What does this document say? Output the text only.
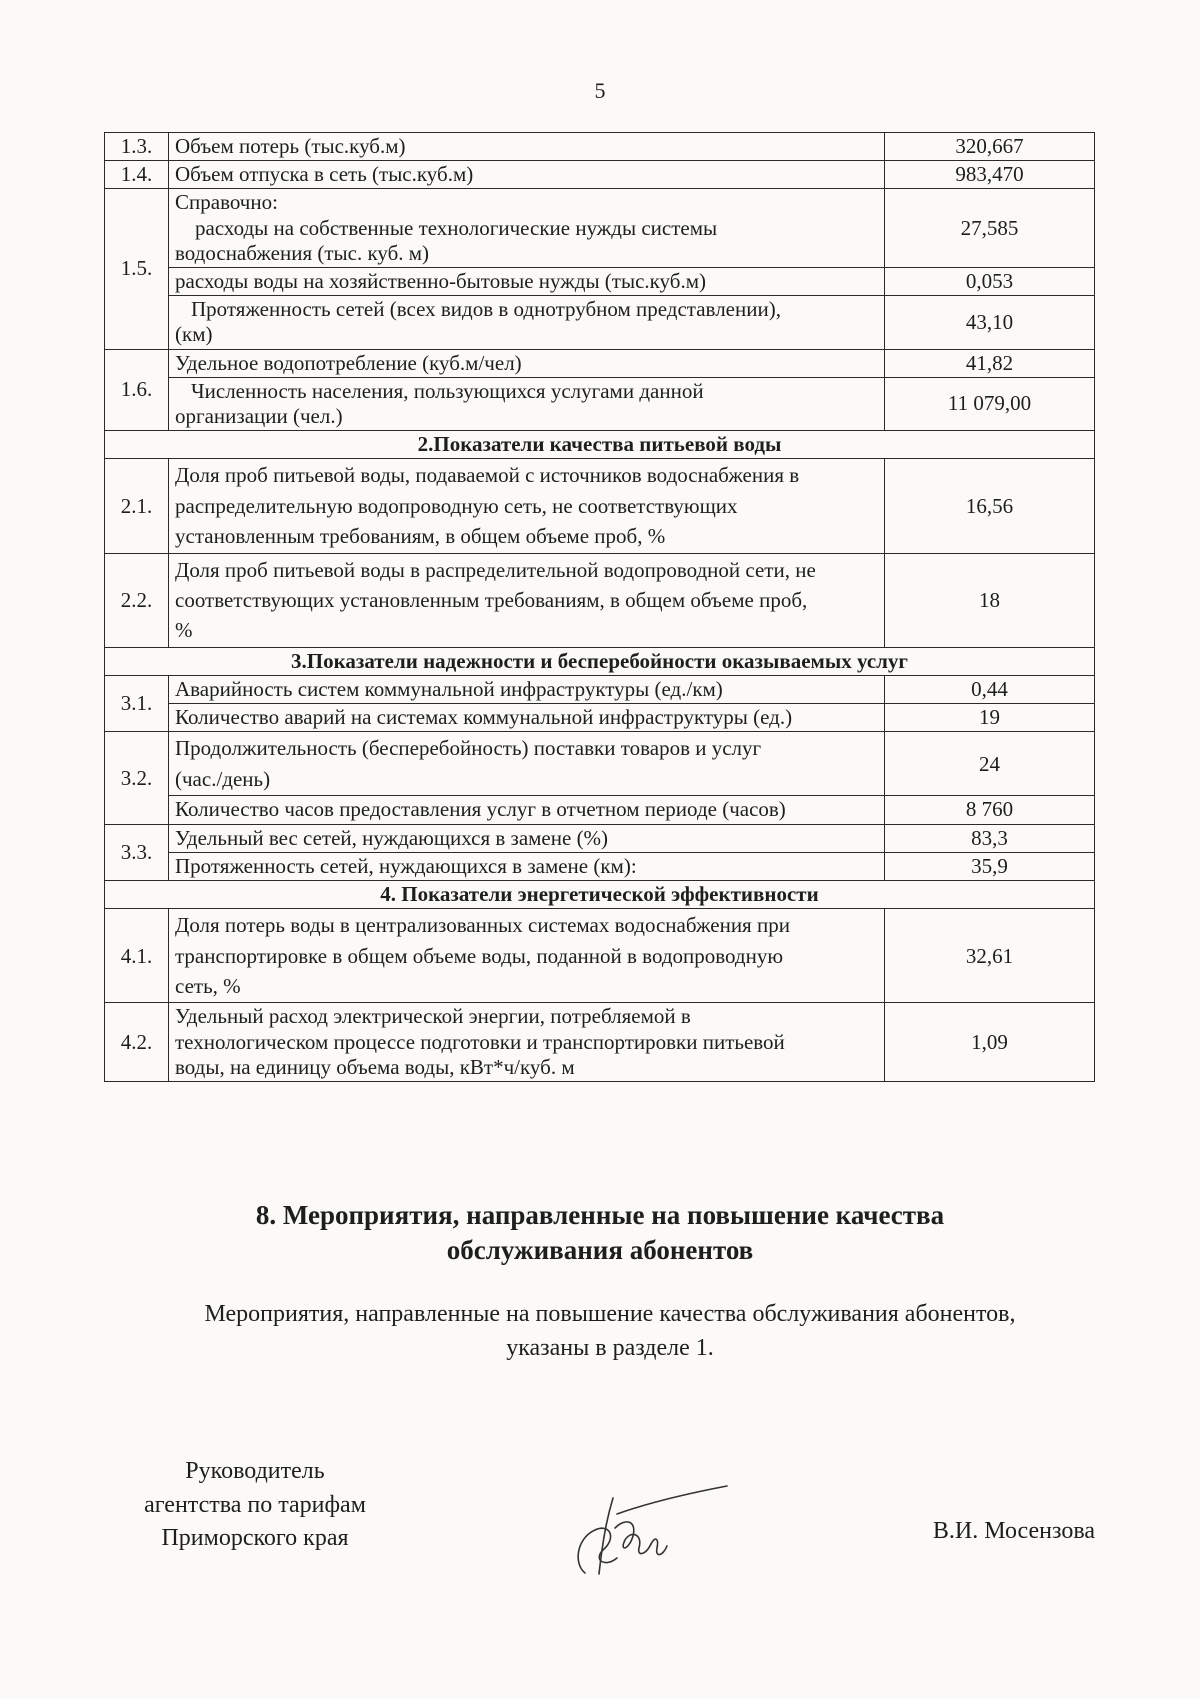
5
1.3.	Объем потерь (тыс.куб.м)	320,667
1.4.	Объем отпуска в сеть (тыс.куб.м)	983,470
1.5.	Справочно:
расходы на собственные технологические нужды системы
водоснабжения (тыс. куб. м)	27,585
	расходы воды на хозяйственно-бытовые нужды (тыс.куб.м)	0,053

	Протяженность сетей (всех видов в однотрубном представлении),
(км)	43,10
1.6.	Удельное водопотребление (куб.м/чел)	41,82

	Численность населения, пользующихся услугами данной
организации (чел.)	11 079,00
2.Показатели качества питьевой воды		
2.1.	Доля проб питьевой воды, подаваемой с источников водоснабжения в
распределительную водопроводную сеть, не соответствующих
установленным требованиям, в общем объеме проб, %	16,56
2.2.	Доля проб питьевой воды в распределительной водопроводной сети, не
соответствующих установленным требованиям, в общем объеме проб,
%	18
3.Показатели надежности и бесперебойности оказываемых услуг		
3.1.	Аварийность систем коммунальной инфраструктуры (ед./км)	0,44
	Количество аварий на системах коммунальной инфраструктуры (ед.)	19
3.2.	Продолжительность (бесперебойность) поставки товаров и услуг
(час./день)	24
	Количество часов предоставления услуг в отчетном периоде (часов)	8 760
3.3.	Удельный вес сетей, нуждающихся в замене (%)	83,3
	Протяженность сетей, нуждающихся в замене (км):	35,9
4. Показатели энергетической эффективности		
4.1.	Доля потерь воды в централизованных системах водоснабжения при
транспортировке в общем объеме воды, поданной в водопроводную
сеть, %	32,61
4.2.	Удельный расход электрической энергии, потребляемой в
технологическом процессе подготовки и транспортировки питьевой
воды, на единицу объема воды, кВт*ч/куб. м	1,09
8. Мероприятия, направленные на повышение качества
обслуживания абонентов
Мероприятия, направленные на повышение качества обслуживания абонентов,
указаны в разделе 1.
Руководитель
агентства по тарифам
Приморского края	В.И. Мосензова
